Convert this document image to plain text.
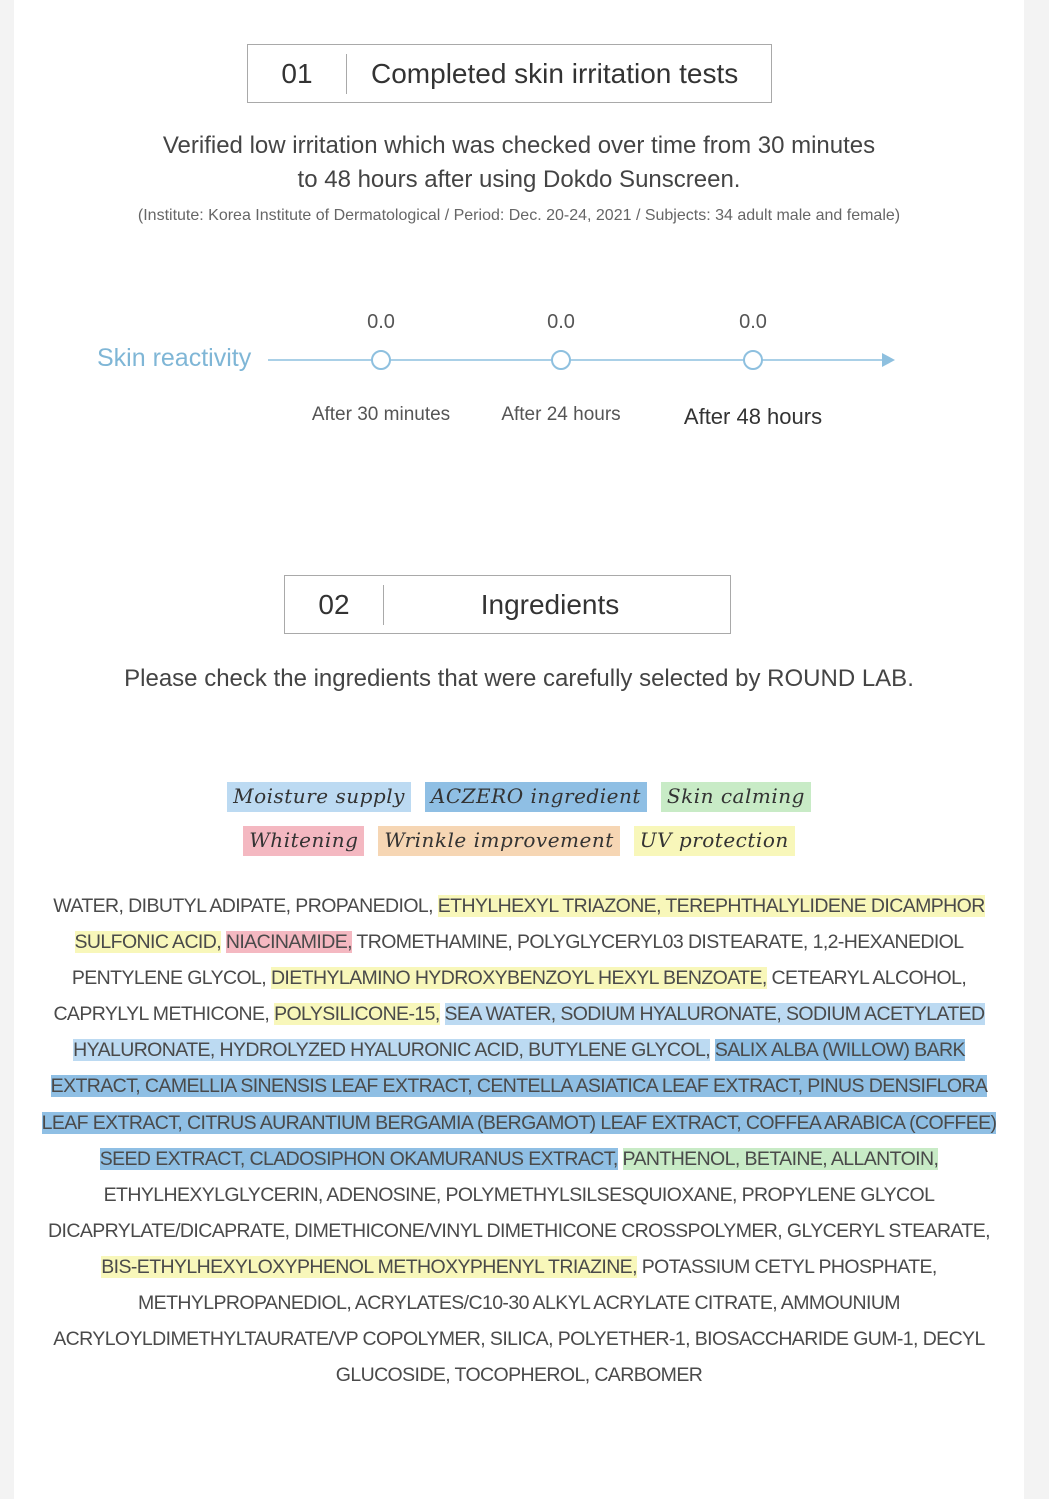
01	Completed skin irritation tests
Verified low irritation which was checked over time from 30 minutes
to 48 hours after using Dokdo Sunscreen.
(Institute: Korea Institute of Dermatological / Period: Dec. 20-24, 2021 / Subjects: 34 adult male and female)
Skin reactivity
0.0	0.0	0.0
After 30 minutes	After 24 hours	After 48 hours
02	Ingredients
Please check the ingredients that were carefully selected by ROUND LAB.
Moisture supply	ACZERO ingredient	Skin calming
Whitening	Wrinkle improvement	UV protection
WATER, DIBUTYL ADIPATE, PROPANEDIOL, ETHYLHEXYL TRIAZONE, TEREPHTHALYLIDENE DICAMPHOR SULFONIC ACID, NIACINAMIDE, TROMETHAMINE, POLYGLYCERYL03 DISTEARATE, 1,2-HEXANEDIOL PENTYLENE GLYCOL, DIETHYLAMINO HYDROXYBENZOYL HEXYL BENZOATE, CETEARYL ALCOHOL, CAPRYLYL METHICONE, POLYSILICONE-15, SEA WATER, SODIUM HYALURONATE, SODIUM ACETYLATED HYALURONATE, HYDROLYZED HYALURONIC ACID, BUTYLENE GLYCOL, SALIX ALBA (WILLOW) BARK EXTRACT, CAMELLIA SINENSIS LEAF EXTRACT, CENTELLA ASIATICA LEAF EXTRACT, PINUS DENSIFLORA LEAF EXTRACT, CITRUS AURANTIUM BERGAMIA (BERGAMOT) LEAF EXTRACT, COFFEA ARABICA (COFFEE) SEED EXTRACT, CLADOSIPHON OKAMURANUS EXTRACT, PANTHENOL, BETAINE, ALLANTOIN, ETHYLHEXYLGLYCERIN, ADENOSINE, POLYMETHYLSILSESQUIOXANE, PROPYLENE GLYCOL DICAPRYLATE/DICAPRATE, DIMETHICONE/VINYL DIMETHICONE CROSSPOLYMER, GLYCERYL STEARATE, BIS-ETHYLHEXYLOXYPHENOL METHOXYPHENYL TRIAZINE, POTASSIUM CETYL PHOSPHATE, METHYLPROPANEDIOL, ACRYLATES/C10-30 ALKYL ACRYLATE CITRATE, AMMOUNIUM ACRYLOYLDIMETHYLTAURATE/VP COPOLYMER, SILICA, POLYETHER-1, BIOSACCHARIDE GUM-1, DECYL GLUCOSIDE, TOCOPHEROL, CARBOMER
